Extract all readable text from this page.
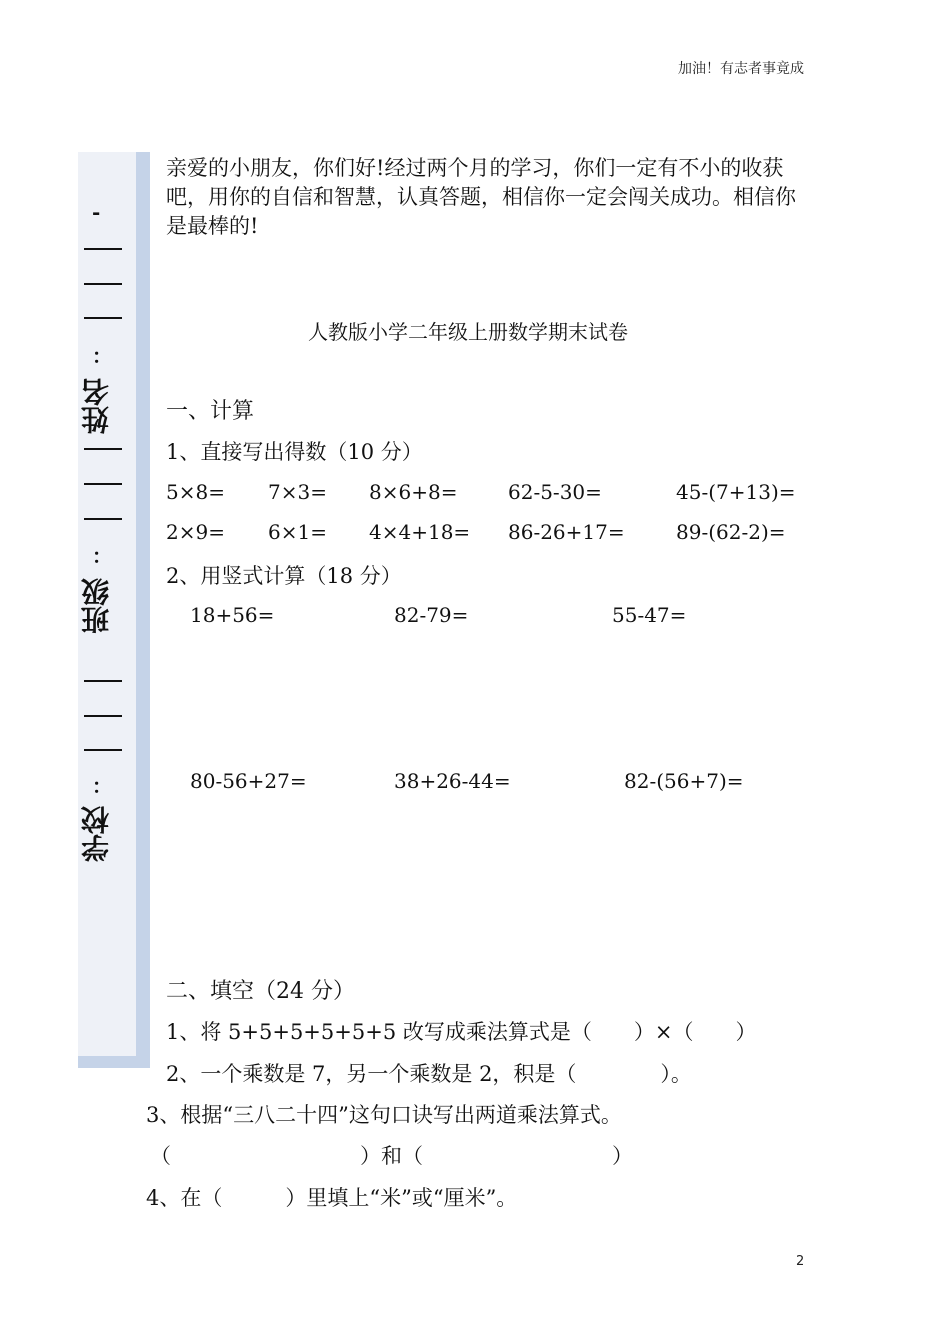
加油！有志者事竟成
-
：
姓名
：
班级
：
学校
亲爱的小朋友，你们好!经过两个月的学习，你们一定有不小的收获吧，用你的自信和智慧，认真答题，相信你一定会闯关成功。相信你是最棒的!
人教版小学二年级上册数学期末试卷
一、计算
1、直接写出得数（10 分）
5×8= 7×3= 8×6+8=	62-5-30=	45-(7+13)=
2×9= 6×1= 4×4+18= 86-26+17=	89-(62-2)=
2、用竖式计算（18 分）
18+56=	82-79=	55-47=
80-56+27=	38+26-44=	82-(56+7)=
二、填空（24 分）
1、将 5+5+5+5+5+5 改写成乘法算式是（　　）×（　　）
2、一个乘数是 7，另一个乘数是 2，积是（　　　　）。
3、根据“三八二十四”这句口诀写出两道乘法算式。
（　　　　　　　　　）和（　　　　　　　　　）
4、在（　　　）里填上“米”或“厘米”。
2
